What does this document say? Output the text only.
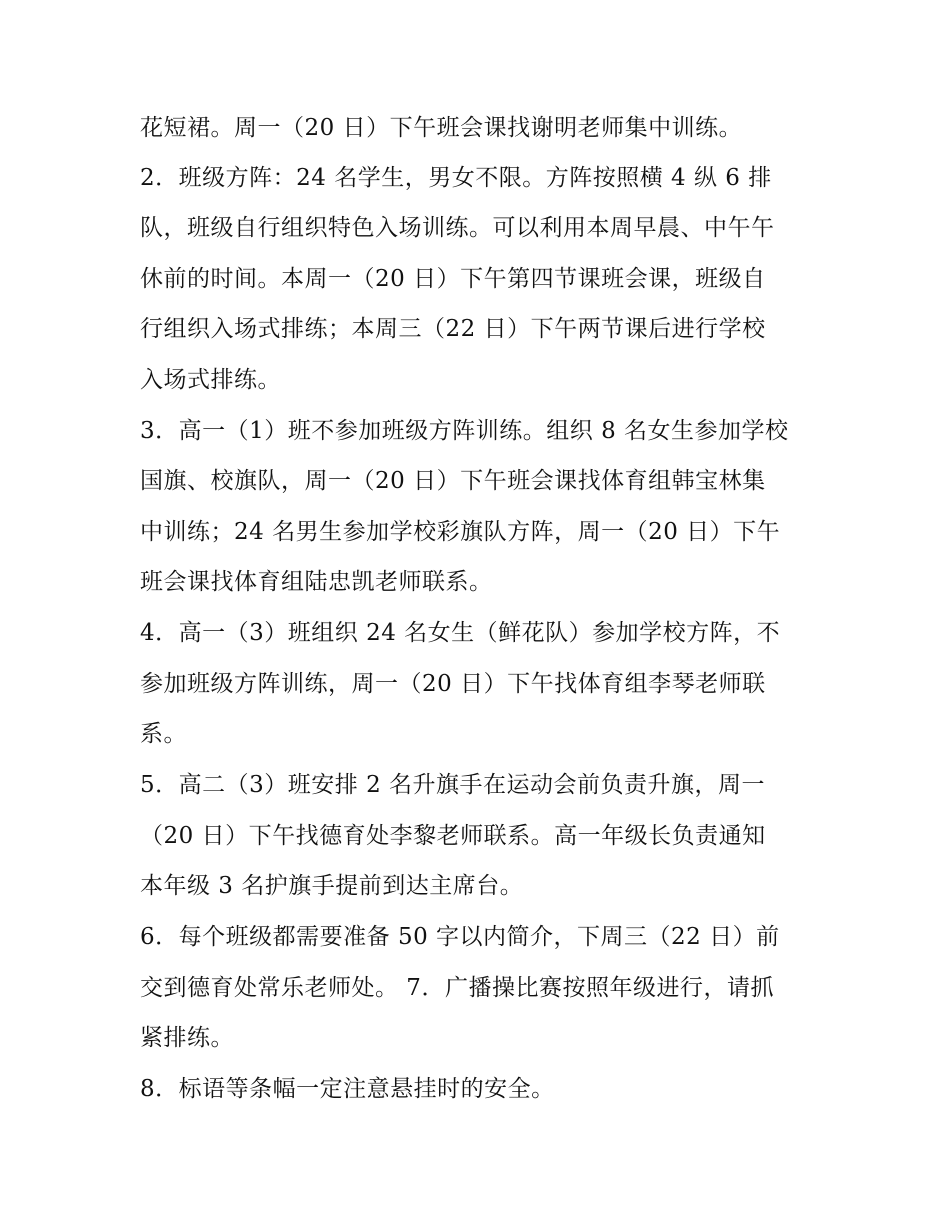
花短裙。周一（20 日）下午班会课找谢明老师集中训练。

2．班级方阵：24 名学生，男女不限。方阵按照横 4 纵 6 排

队，班级自行组织特色入场训练。可以利用本周早晨、中午午

休前的时间。本周一（20 日）下午第四节课班会课，班级自

行组织入场式排练；本周三（22 日）下午两节课后进行学校

入场式排练。

3．高一（1）班不参加班级方阵训练。组织 8 名女生参加学校

国旗、校旗队，周一（20 日）下午班会课找体育组韩宝林集

中训练；24 名男生参加学校彩旗队方阵，周一（20 日）下午

班会课找体育组陆忠凯老师联系。

4．高一（3）班组织 24 名女生（鲜花队）参加学校方阵，不

参加班级方阵训练，周一（20 日）下午找体育组李琴老师联

系。

5．高二（3）班安排 2 名升旗手在运动会前负责升旗，周一

（20 日）下午找德育处李黎老师联系。高一年级长负责通知

本年级 3 名护旗手提前到达主席台。

6．每个班级都需要准备 50 字以内简介，下周三（22 日）前

交到德育处常乐老师处。 7．广播操比赛按照年级进行，请抓

紧排练。

8．标语等条幅一定注意悬挂时的安全。
